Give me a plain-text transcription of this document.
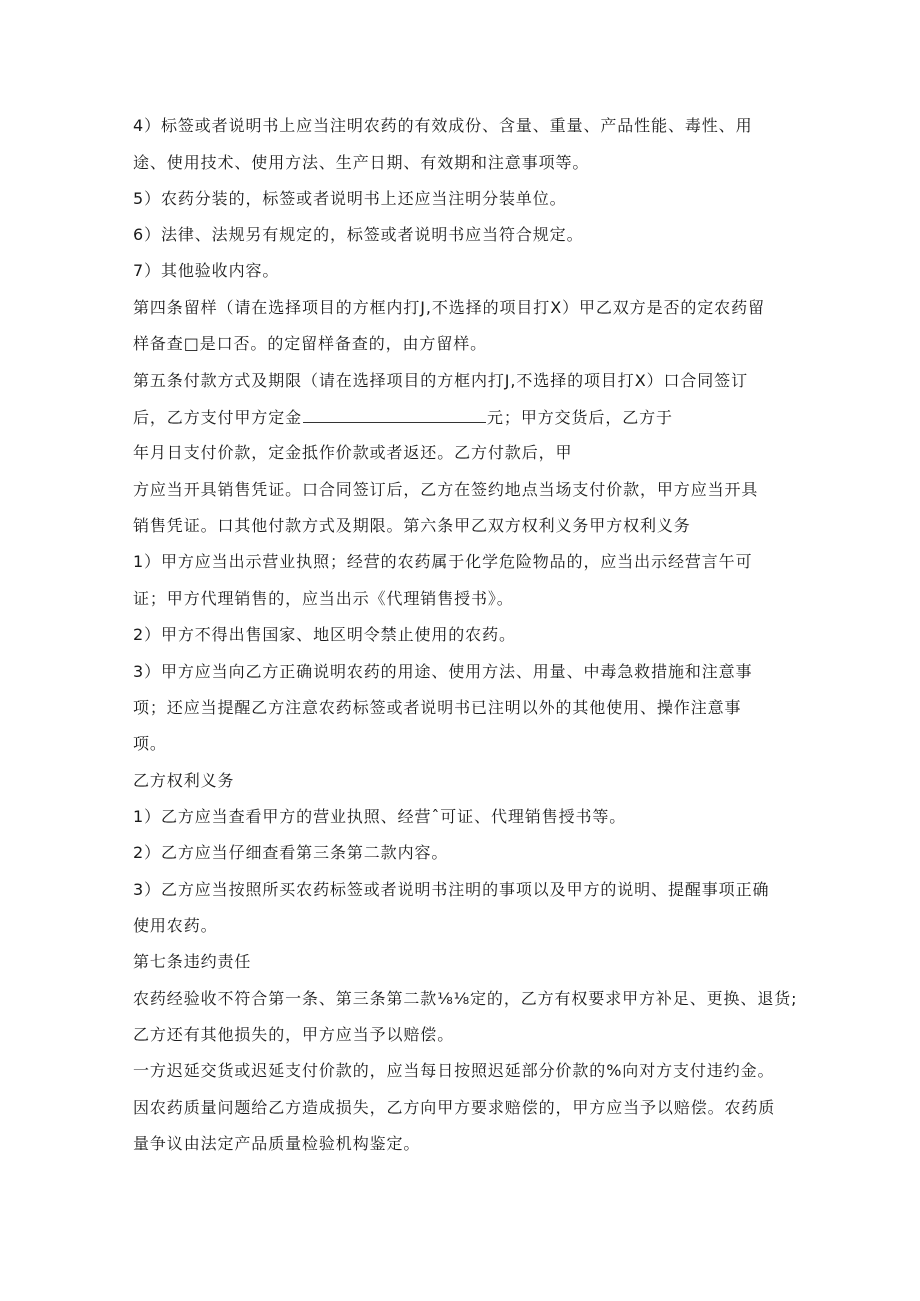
4）标签或者说明书上应当注明农药的有效成份、含量、重量、产品性能、毒性、用
途、使用技术、使用方法、生产日期、有效期和注意事项等。
5）农药分装的，标签或者说明书上还应当注明分装单位。
6）法律、法规另有规定的，标签或者说明书应当符合规定。
7）其他验收内容。
第四条留样（请在选择项目的方框内打J,不选择的项目打X）甲乙双方是否的定农药留
样备查□是口否。的定留样备查的，由方留样。
第五条付款方式及期限（请在选择项目的方框内打J,不选择的项目打X）口合同签订
后，乙方支付甲方定金	元；甲方交货后，乙方于
年月日支付价款，定金抵作价款或者返还。乙方付款后，甲
方应当开具销售凭证。口合同签订后，乙方在签约地点当场支付价款，甲方应当开具
销售凭证。口其他付款方式及期限。第六条甲乙双方权利义务甲方权利义务
1）甲方应当出示营业执照；经营的农药属于化学危险物品的，应当出示经营言午可
证；甲方代理销售的，应当出示《代理销售授书》。
2）甲方不得出售国家、地区明令禁止使用的农药。
3）甲方应当向乙方正确说明农药的用途、使用方法、用量、中毒急救措施和注意事
项；还应当提醒乙方注意农药标签或者说明书已注明以外的其他使用、操作注意事
项。
乙方权利义务
1）乙方应当查看甲方的营业执照、经营ˆ可证、代理销售授书等。
2）乙方应当仔细查看第三条第二款内容。
3）乙方应当按照所买农药标签或者说明书注明的事项以及甲方的说明、提醒事项正确
使用农药。
第七条违约责任
农药经验收不符合第一条、第三条第二款⅛⅛定的，乙方有权要求甲方补足、更换、退货;
乙方还有其他损失的，甲方应当予以赔偿。
一方迟延交货或迟延支付价款的，应当每日按照迟延部分价款的%向对方支付违约金。
因农药质量问题给乙方造成损失，乙方向甲方要求赔偿的，甲方应当予以赔偿。农药质
量争议由法定产品质量检验机构鉴定。
